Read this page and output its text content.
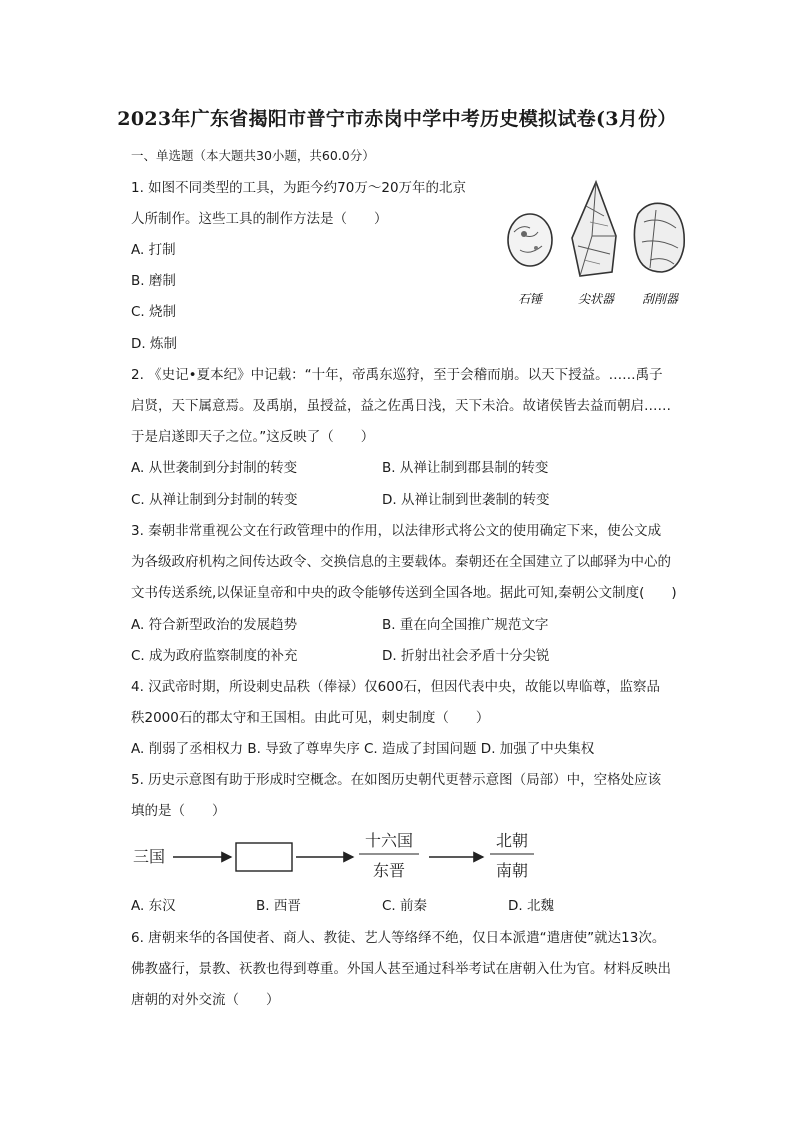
2023年广东省揭阳市普宁市赤岗中学中考历史模拟试卷(3月份）
一、单选题（本大题共30小题，共60.0分）
1. 如图不同类型的工具，为距今约70万～20万年的北京
人所制作。这些工具的制作方法是（　　）
A. 打制
B. 磨制
C. 烧制
D. 炼制
石锤	尖状器 刮削器
2. 《史记•夏本纪》中记载：“十年，帝禹东巡狩，至于会稽而崩。以天下授益。……禹子
启贤，天下属意焉。及禹崩，虽授益，益之佐禹日浅，天下未洽。故诸侯皆去益而朝启……
于是启遂即天子之位。”这反映了（　　）
A. 从世袭制到分封制的转变	B. 从禅让制到郡县制的转变
C. 从禅让制到分封制的转变	D. 从禅让制到世袭制的转变
3. 秦朝非常重视公文在行政管理中的作用，以法律形式将公文的使用确定下来，使公文成
为各级政府机构之间传达政令、交换信息的主要载体。秦朝还在全国建立了以邮驿为中心的
文书传送系统,以保证皇帝和中央的政令能够传送到全国各地。据此可知,秦朝公文制度(　　)
A. 符合新型政治的发展趋势	B. 重在向全国推广规范文字
C. 成为政府监察制度的补充	D. 折射出社会矛盾十分尖锐
4. 汉武帝时期，所设刺史品秩（俸禄）仅600石，但因代表中央，故能以卑临尊，监察品
秩2000石的郡太守和王国相。由此可见，刺史制度（　　）
A. 削弱了丞相权力 B. 导致了尊卑失序 C. 造成了封国问题 D. 加强了中央集权
5. 历史示意图有助于形成时空概念。在如图历史朝代更替示意图（局部）中，空格处应该
填的是（　　）
三国
十六国
东晋
北朝
南朝
A. 东汉	B. 西晋	C. 前秦	D. 北魏
6. 唐朝来华的各国使者、商人、教徒、艺人等络绎不绝，仅日本派遣“遣唐使”就达13次。
佛教盛行，景教、祆教也得到尊重。外国人甚至通过科举考试在唐朝入仕为官。材料反映出
唐朝的对外交流（　　）
